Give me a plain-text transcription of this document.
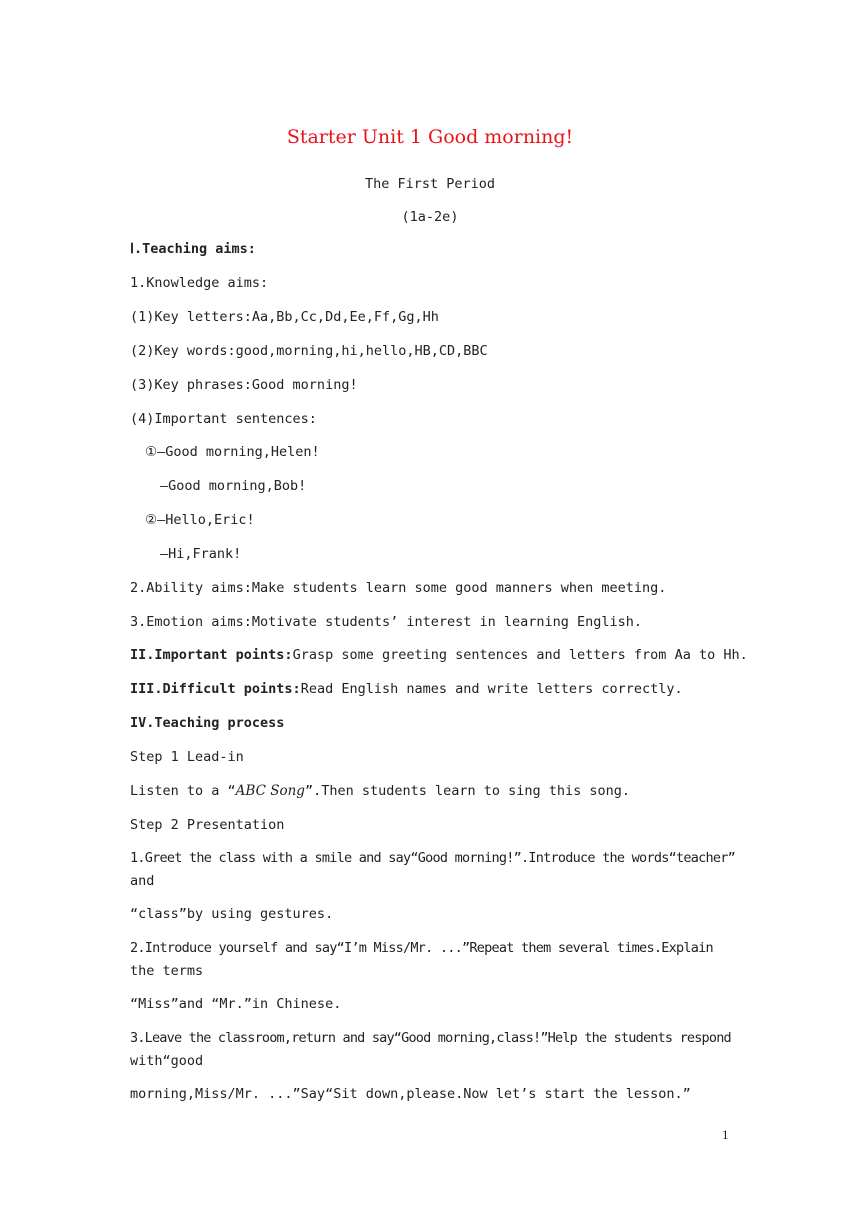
Starter Unit 1 Good morning!
The First Period
(1a-2e)
Ⅰ.Teaching aims:
1.Knowledge aims:
(1)Key letters:Aa,Bb,Cc,Dd,Ee,Ff,Gg,Hh
(2)Key words:good,morning,hi,hello,HB,CD,BBC
(3)Key phrases:Good morning!
(4)Important sentences:
①—Good morning,Helen!
—Good morning,Bob!
②—Hello,Eric!
—Hi,Frank!
2.Ability aims:Make students learn some good manners when meeting.
3.Emotion aims:Motivate students’ interest in learning English.
II.Important points:Grasp some greeting sentences and letters from Aa to Hh.
III.Difficult points:Read English names and write letters correctly.
IV.Teaching process
Step 1 Lead-in
Listen to a “ABC Song”.Then students learn to sing this song.
Step 2 Presentation
1.Greet the class with a smile and say“Good morning!”.Introduce the words“teacher”
and
“class”by using gestures.
2.Introduce yourself and say“I’m Miss/Mr. ...”Repeat them several times.Explain
the terms
“Miss”and “Mr.”in Chinese.
3.Leave the classroom,return and say“Good morning,class!”Help the students respond
with“good
morning,Miss/Mr. ...”Say“Sit down,please.Now let’s start the lesson.”
1
